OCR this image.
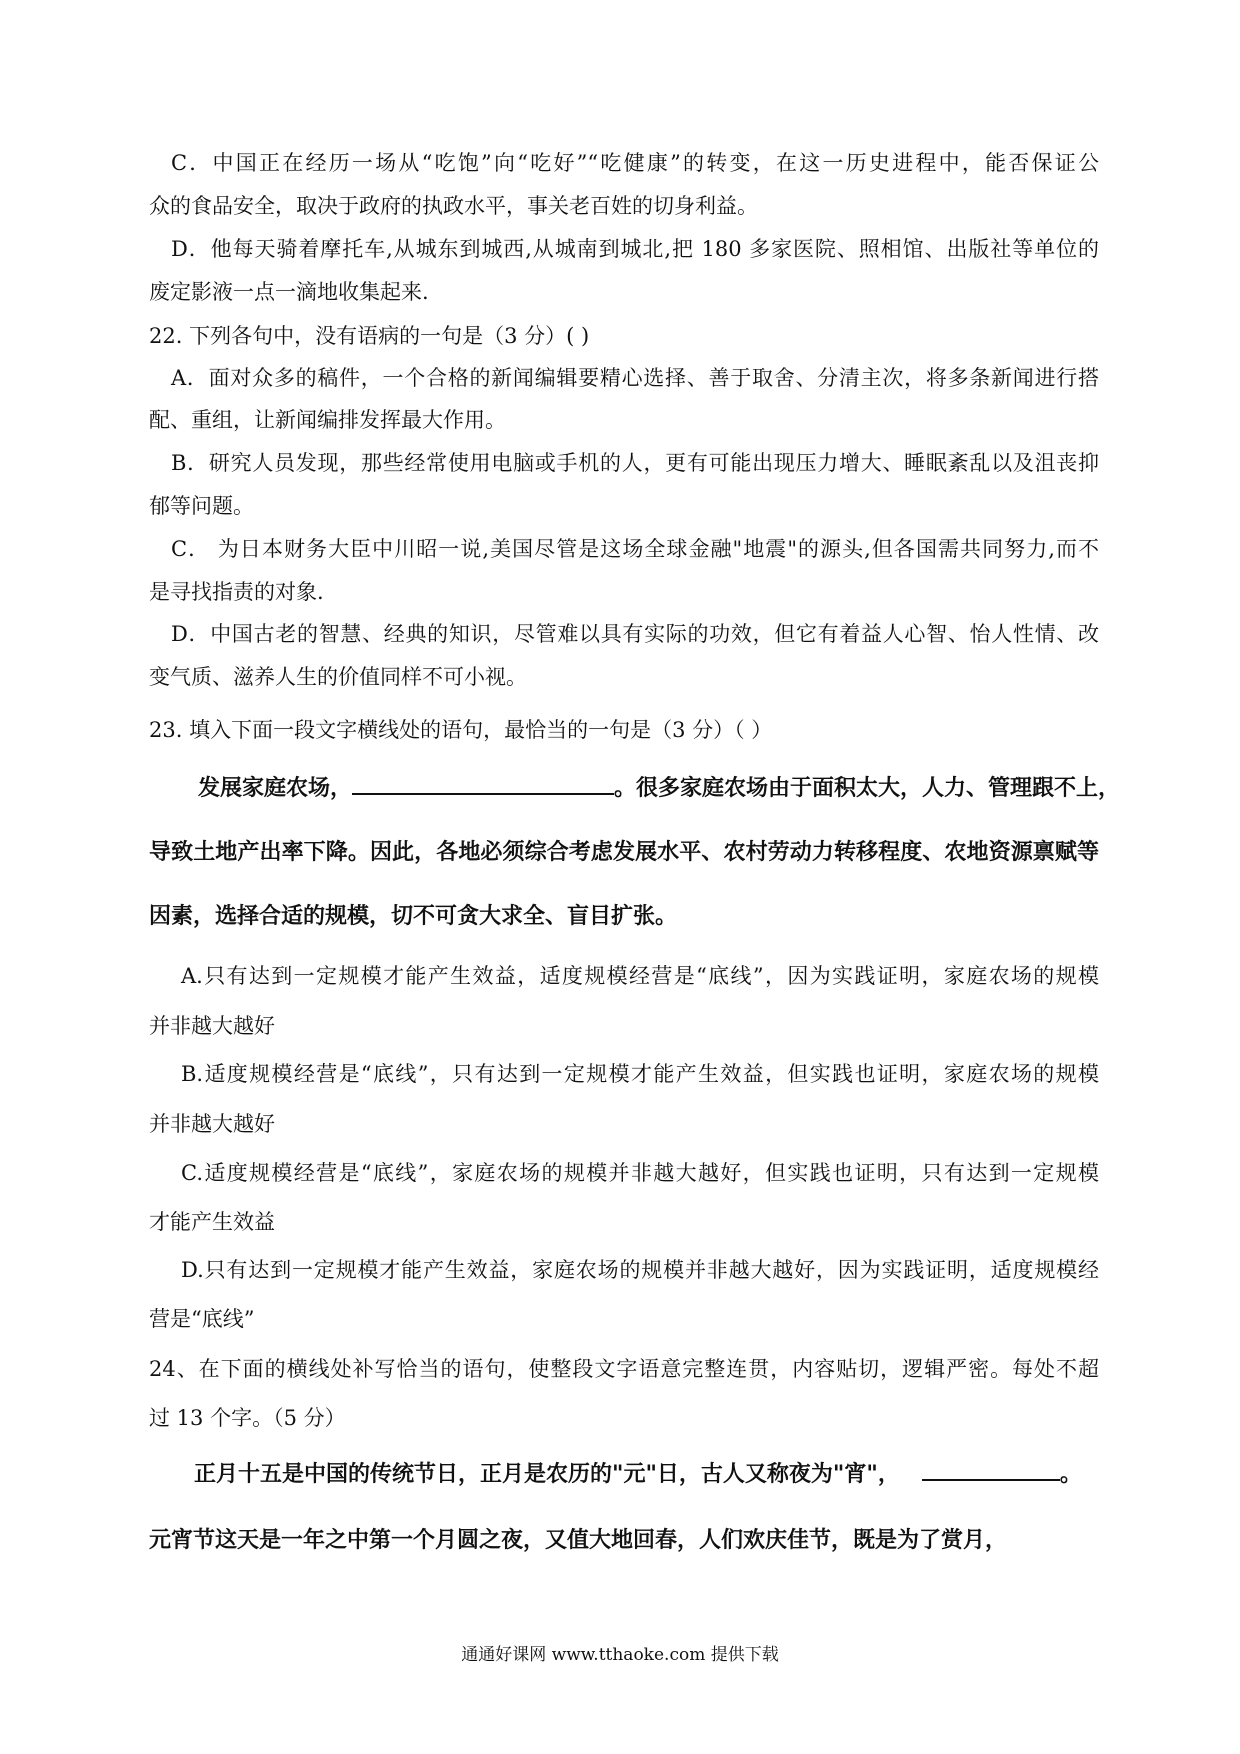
C．中国正在经历一场从“吃饱”向“吃好”“吃健康”的转变，在这一历史进程中，能否保证公
众的食品安全，取决于政府的执政水平，事关老百姓的切身利益。
D．他每天骑着摩托车,从城东到城西,从城南到城北,把 180 多家医院、照相馆、出版社等单位的
废定影液一点一滴地收集起来.
22. 下列各句中，没有语病的一句是（3 分）( )
A．面对众多的稿件，一个合格的新闻编辑要精心选择、善于取舍、分清主次，将多条新闻进行搭
配、重组，让新闻编排发挥最大作用。
B．研究人员发现，那些经常使用电脑或手机的人，更有可能出现压力增大、睡眠紊乱以及沮丧抑
郁等问题。
C． 为日本财务大臣中川昭一说,美国尽管是这场全球金融"地震"的源头,但各国需共同努力,而不
是寻找指责的对象.
D．中国古老的智慧、经典的知识，尽管难以具有实际的功效，但它有着益人心智、怡人性情、改
变气质、滋养人生的价值同样不可小视。
23. 填入下面一段文字横线处的语句，最恰当的一句是（3 分）（ ）
发展家庭农场，	。很多家庭农场由于面积太大，人力、管理跟不上，
导致土地产出率下降。因此，各地必须综合考虑发展水平、农村劳动力转移程度、农地资源禀赋等
因素，选择合适的规模，切不可贪大求全、盲目扩张。
A.只有达到一定规模才能产生效益，适度规模经营是“底线”，因为实践证明，家庭农场的规模
并非越大越好
B.适度规模经营是“底线”，只有达到一定规模才能产生效益，但实践也证明，家庭农场的规模
并非越大越好
C.适度规模经营是“底线”，家庭农场的规模并非越大越好，但实践也证明，只有达到一定规模
才能产生效益
D.只有达到一定规模才能产生效益，家庭农场的规模并非越大越好，因为实践证明，适度规模经
营是“底线”
24、在下面的横线处补写恰当的语句，使整段文字语意完整连贯，内容贴切，逻辑严密。每处不超
过 13 个字。（5 分）
正月十五是中国的传统节日，正月是农历的"元"日，古人又称夜为"宵"，	。
元宵节这天是一年之中第一个月圆之夜，又值大地回春，人们欢庆佳节，既是为了赏月，
通通好课网 www.tthaoke.com 提供下载
